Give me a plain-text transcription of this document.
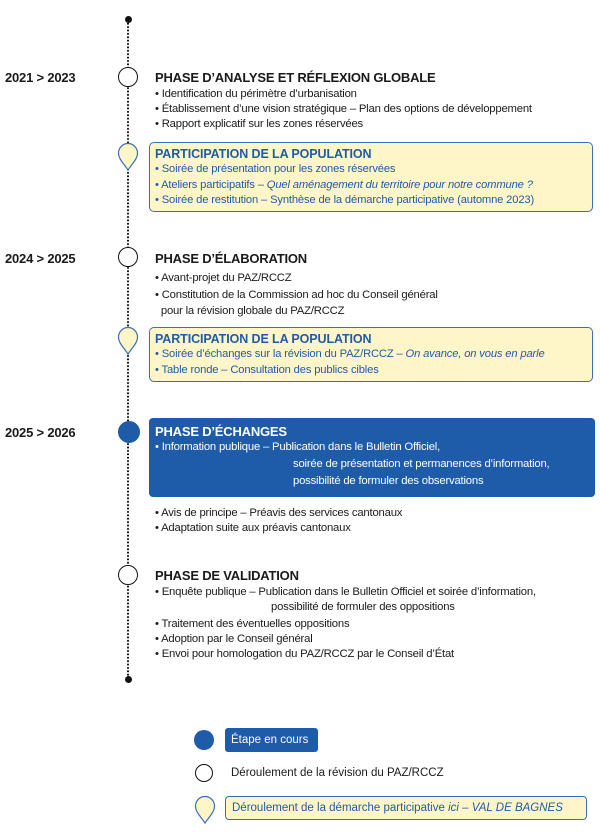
2021 > 2023	PHASE D’ANALYSE ET RÉFLEXION GLOBALE
• Identification du périmètre d’urbanisation
• Établissement d’une vision stratégique – Plan des options de développement
• Rapport explicatif sur les zones réservées
PARTICIPATION DE LA POPULATION
• Soirée de présentation pour les zones réservées
• Ateliers participatifs – Quel aménagement du territoire pour notre commune ?
• Soirée de restitution – Synthèse de la démarche participative (automne 2023)
2024 > 2025	PHASE D’ÉLABORATION
• Avant-projet du PAZ/RCCZ
• Constitution de la Commission ad hoc du Conseil général
pour la révision globale du PAZ/RCCZ
PARTICIPATION DE LA POPULATION
• Soirée d’échanges sur la révision du PAZ/RCCZ – On avance, on vous en parle
• Table ronde – Consultation des publics cibles
2025 > 2026	PHASE D’ÉCHANGES
• Information publique – Publication dans le Bulletin Officiel,
soirée de présentation et permanences d’information,
possibilité de formuler des observations
• Avis de principe – Préavis des services cantonaux
• Adaptation suite aux préavis cantonaux
PHASE DE VALIDATION
• Enquête publique – Publication dans le Bulletin Officiel et soirée d’information,
possibilité de formuler des oppositions
• Traitement des éventuelles oppositions
• Adoption par le Conseil général
• Envoi pour homologation du PAZ/RCCZ par le Conseil d’État
Étape en cours
Déroulement de la révision du PAZ/RCCZ
Déroulement de la démarche participative ici – VAL DE BAGNES
